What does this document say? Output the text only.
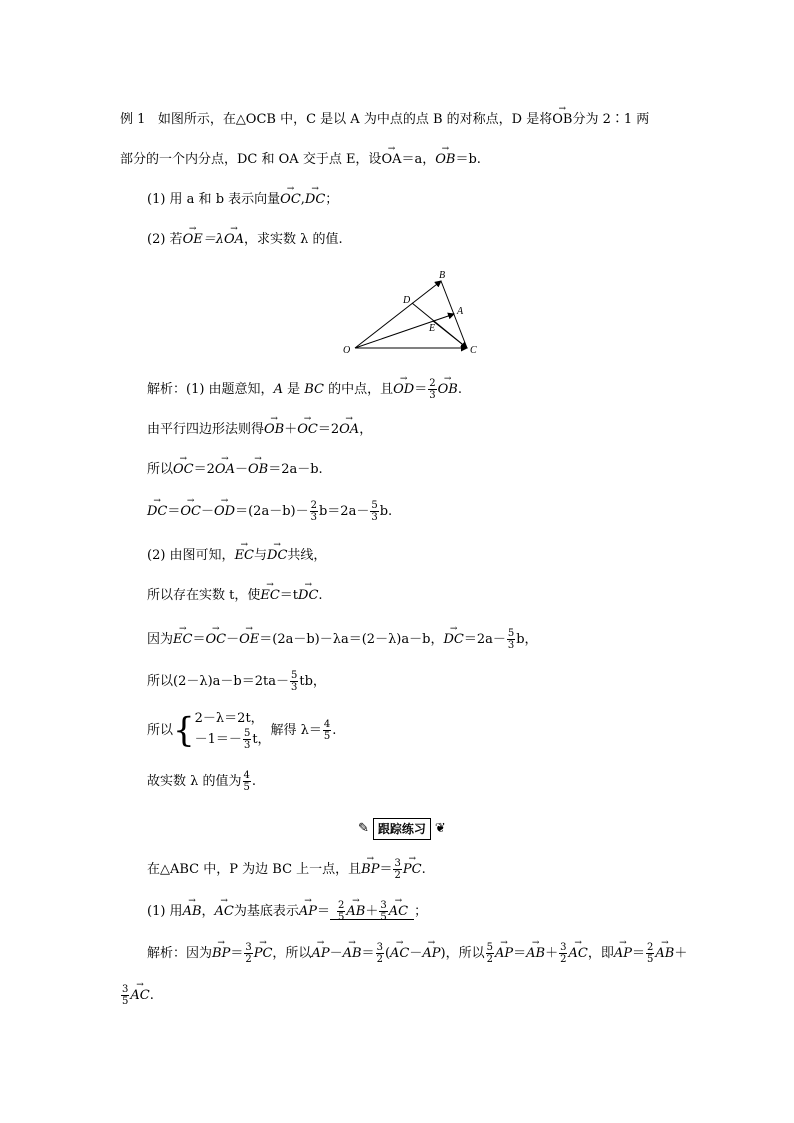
例 1 如图所示，在△OCB 中，C 是以 A 为中点的点 B 的对称点，D 是将→ OB分为 2∶1 两
部分的一个内分点，DC 和 OA 交于点 E，设→ OA＝a，→ OB＝b.
(1) 用 a 和 b 表示向量→ OC,→ DC；
(2) 若→ OE＝λ→ OA，求实数 λ 的值.
O	C
B
A
D
E
解析：(1) 由题意知，A 是 BC 的中点，且→ $OD= \frac{2}{3}$
→ OB.
由平行四边形法则得→ OB＋→ OC＝2→ OA，
所以→ OC＝2→ OA－→ OB＝2a－b.
→ $DC=\to OC-\to OD=(2a-b)- \frac{2}{3} b=2a- \frac{5}{3} b$.
(2) 由图可知，→ EC与→ DC共线，
所以存在实数 t，使→ EC＝t→ DC.
因为→ EC＝→ OC－→ OE＝(2a－b)－λa＝(2－λ)a－b，→ $DC=2a- \frac{5}{3}$ b，
所以$(2-\lambda)a-b=2ta- \frac{5}{3}$ tb，
所以{ 2－λ＝2t，
$-1=- \frac{5}{3}$ t，
解得 $\lambda= \frac{4}{5}$ .
故实数 λ 的值为 $\frac{4}{5}$ .
✎ 跟踪练习 ❦
在△ABC 中，P 为边 BC 上一点，且→ $BP= \frac{3}{2}$
→ PC.
(1) 用→ AB，→ AC为基底表示→ $AP= \frac{2}{5}$
→ $AB+ \frac{3}{5}$
→ AC ；
解析：因为→ $BP= \frac{3}{2}$
→ PC，所以→ $AP-\to AB= \frac{3}{2}$ (→ AC－→ AP)，所以 $\frac{5}{2}$
→ $AP=\to AB+ \frac{3}{2}$
→ AC，即→ $AP= \frac{2}{5}$
→ AB＋
$\frac{3}{5}$
→ AC.
